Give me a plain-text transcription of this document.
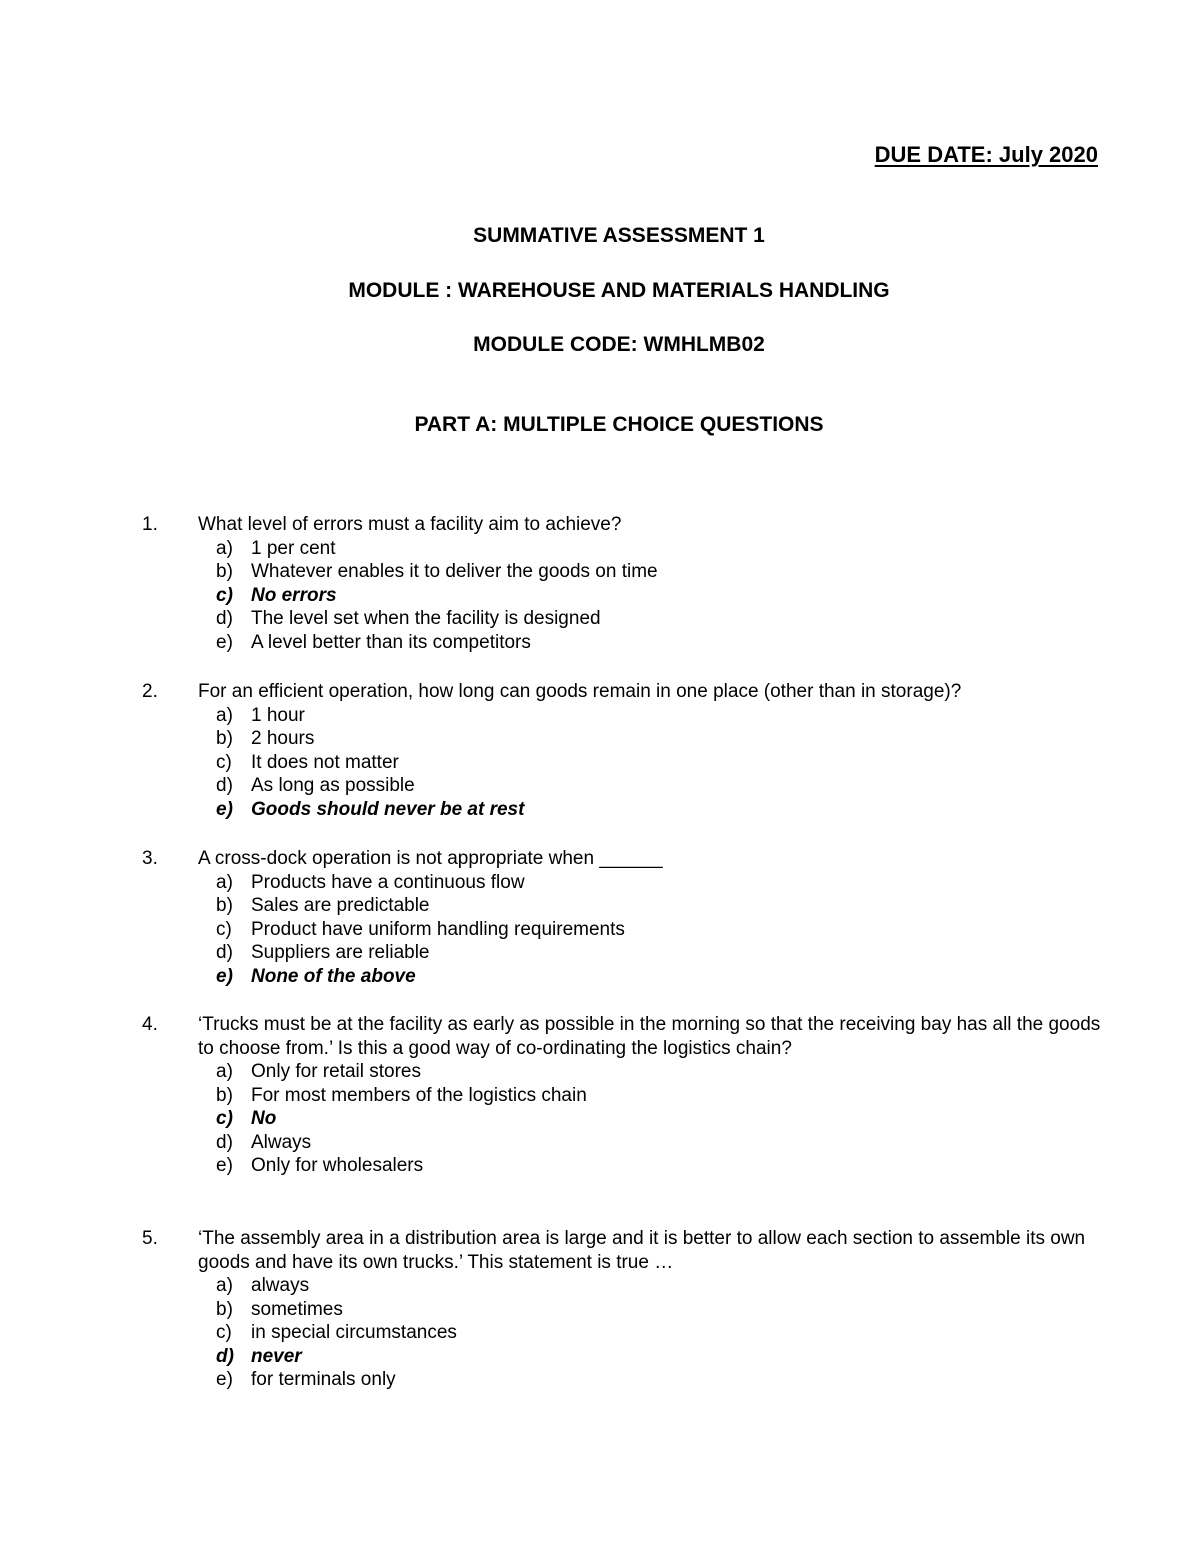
DUE DATE: July 2020
SUMMATIVE ASSESSMENT 1
MODULE : WAREHOUSE AND MATERIALS HANDLING
MODULE CODE: WMHLMB02
PART A: MULTIPLE CHOICE QUESTIONS
1.	What level of errors must a facility aim to achieve?
a) 1 per cent
b) Whatever enables it to deliver the goods on time
c) No errors
d) The level set when the facility is designed
e) A level better than its competitors
2.	For an efficient operation, how long can goods remain in one place (other than in storage)?
a) 1 hour
b) 2 hours
c)	It does not matter
d) As long as possible
e) Goods should never be at rest
3.	A cross-dock operation is not appropriate when ______
a) Products have a continuous flow
b) Sales are predictable
c)	Product have uniform handling requirements
d) Suppliers are reliable
e) None of the above
4.	‘Trucks must be at the facility as early as possible in the morning so that the receiving bay has all the goods to choose from.’ Is this a good way of co-ordinating the logistics chain?
a) Only for retail stores
b) For most members of the logistics chain
c) No
d) Always
e) Only for wholesalers
5.	‘The assembly area in a distribution area is large and it is better to allow each section to assemble its own goods and have its own trucks.’ This statement is true …
a) always
b) sometimes
c)	in special circumstances
d) never
e) for terminals only
